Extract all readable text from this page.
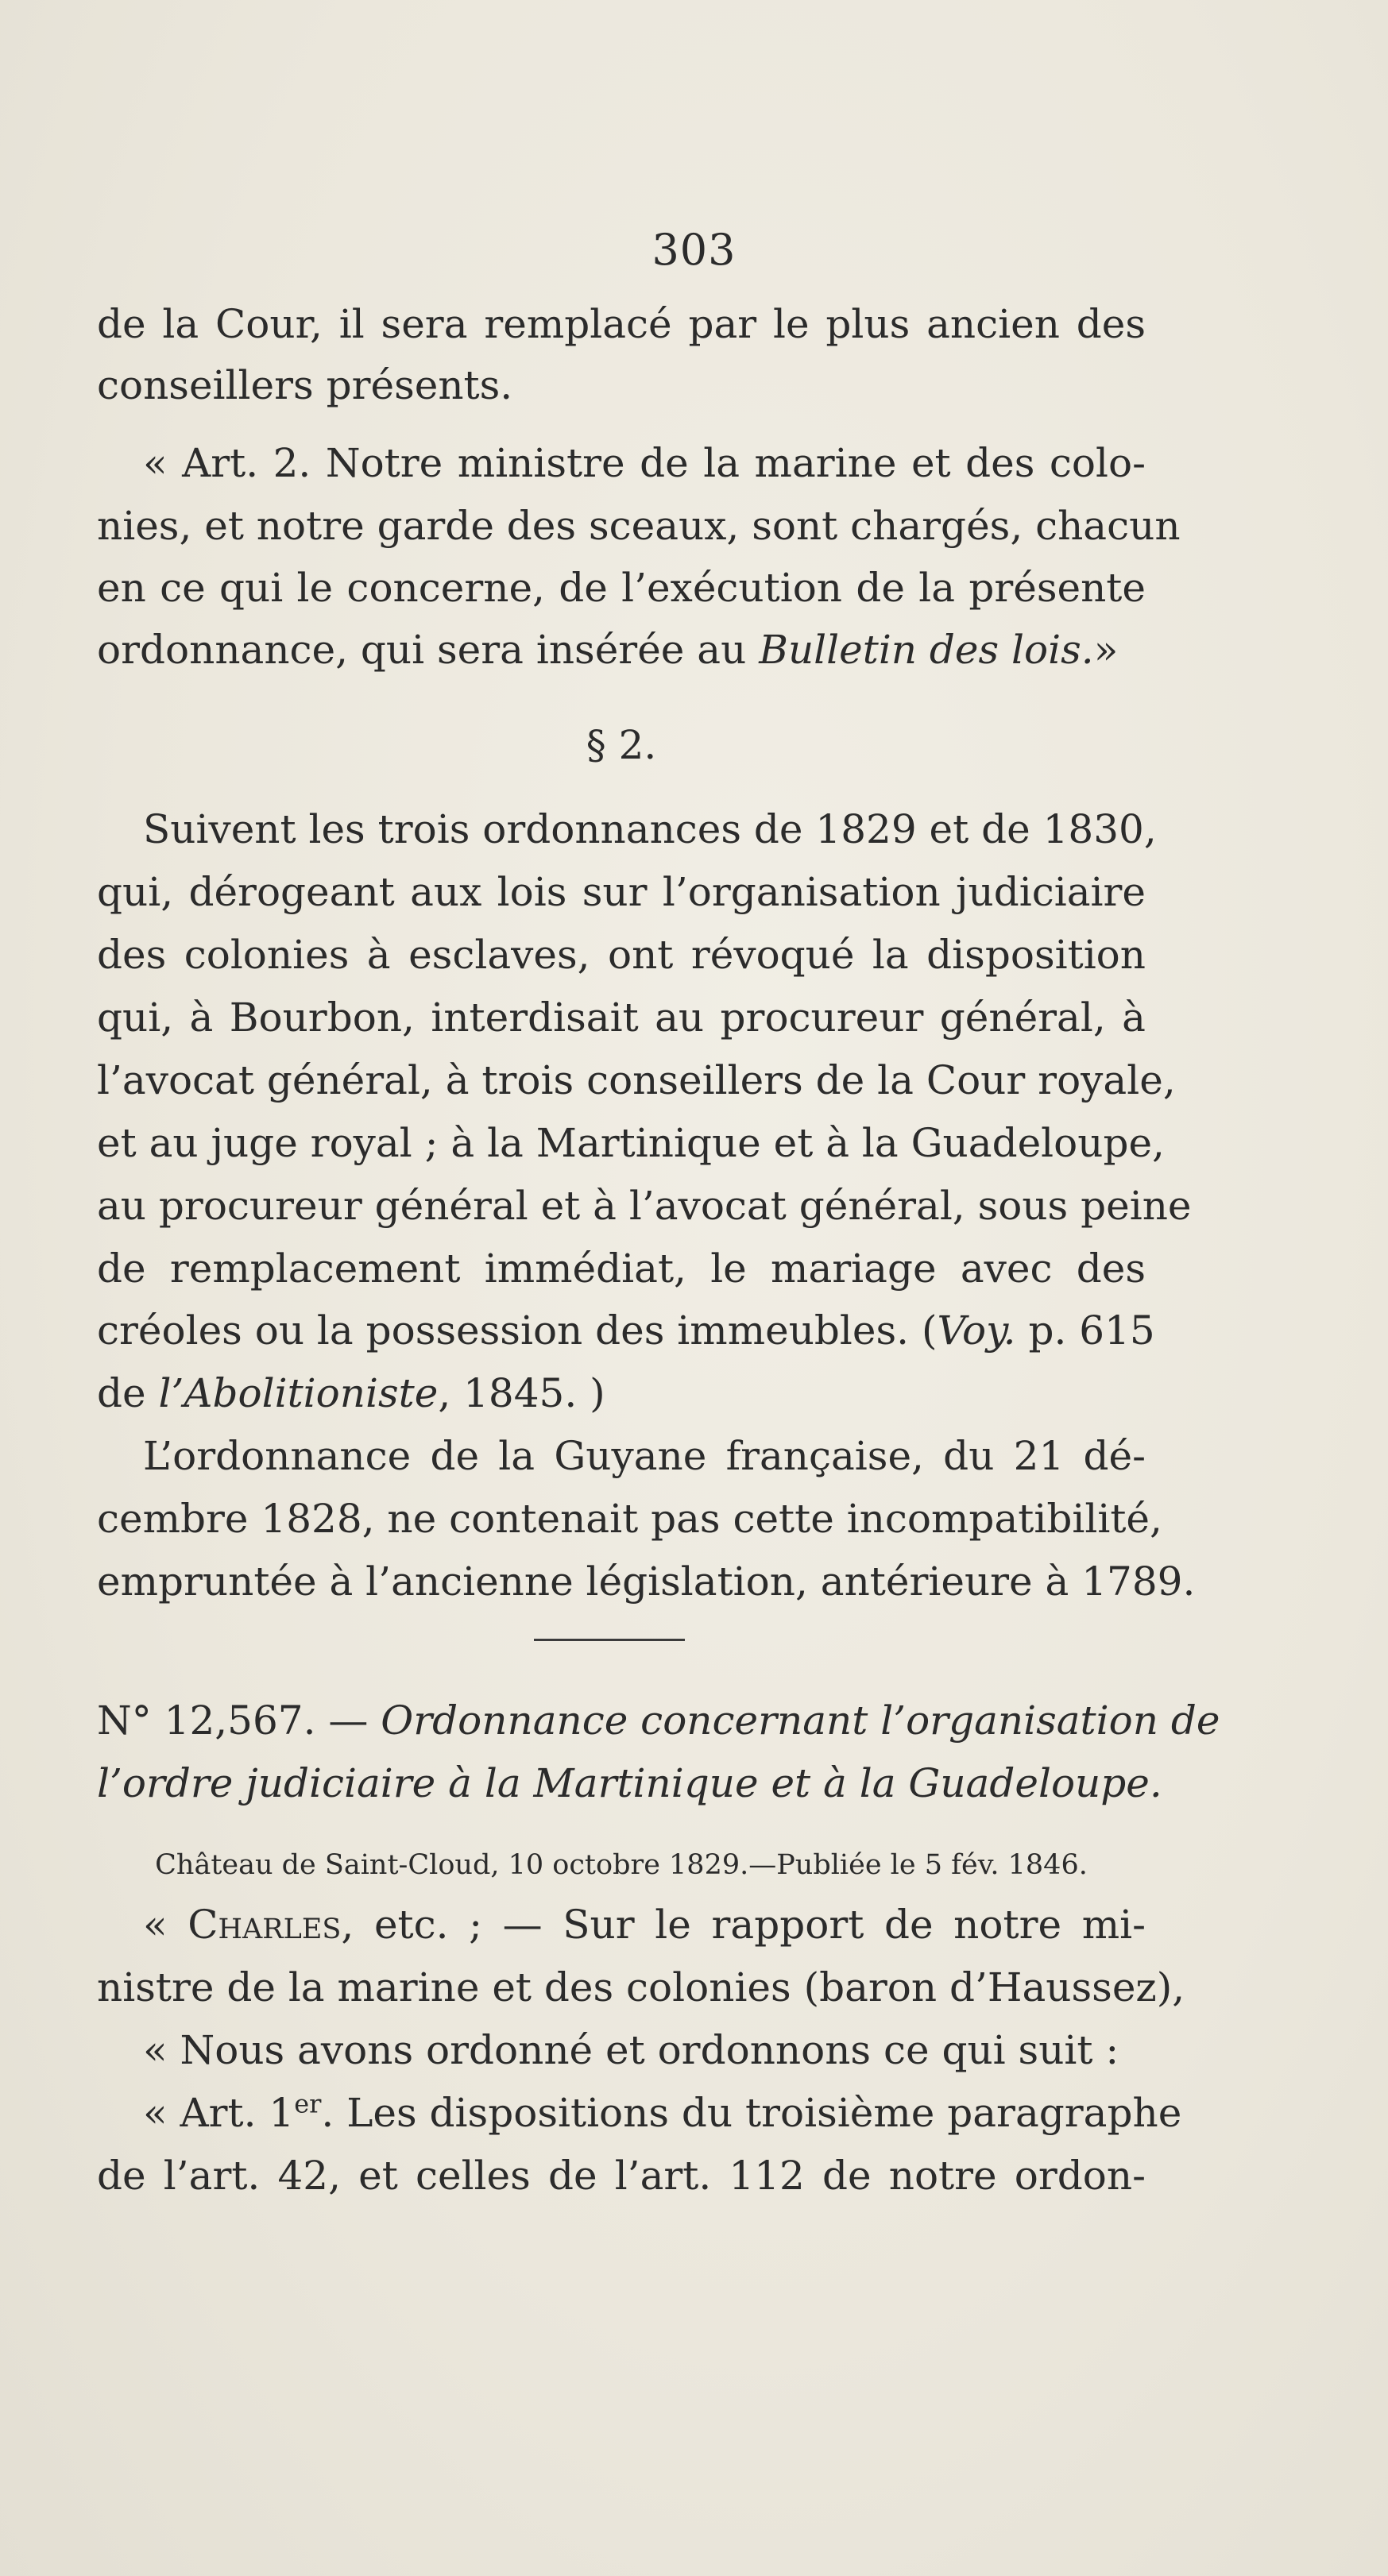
303
de la Cour, il sera remplacé par le plus ancien des
conseillers présents.
« Art. 2. Notre ministre de la marine et des colo-
nies, et notre garde des sceaux, sont chargés, chacun
en ce qui le concerne, de l’exécution de la présente
ordonnance, qui sera insérée au Bulletin des lois.»
§ 2.
Suivent les trois ordonnances de 1829 et de 1830,
qui, dérogeant aux lois sur l’organisation judiciaire
des colonies à esclaves, ont révoqué la disposition
qui, à Bourbon, interdisait au procureur général, à
l’avocat général, à trois conseillers de la Cour royale,
et au juge royal ; à la Martinique et à la Guadeloupe,
au procureur général et à l’avocat général, sous peine
de remplacement immédiat, le mariage avec des
créoles ou la possession des immeubles. (Voy. p. 615
de l’Abolitioniste, 1845. )
L’ordonnance de la Guyane française, du 21 dé-
cembre 1828, ne contenait pas cette incompatibilité,
empruntée à l’ancienne législation, antérieure à 1789.
N° 12,567. — Ordonnance concernant l’organisation de
l’ordre judiciaire à la Martinique et à la Guadeloupe.
Château de Saint-Cloud, 10 octobre 1829.—Publiée le 5 fév. 1846.
« Charles, etc. ; — Sur le rapport de notre mi-
nistre de la marine et des colonies (baron d’Haussez),
« Nous avons ordonné et ordonnons ce qui suit :
« Art. 1er. Les dispositions du troisième paragraphe
de l’art. 42, et celles de l’art. 112 de notre ordon-
